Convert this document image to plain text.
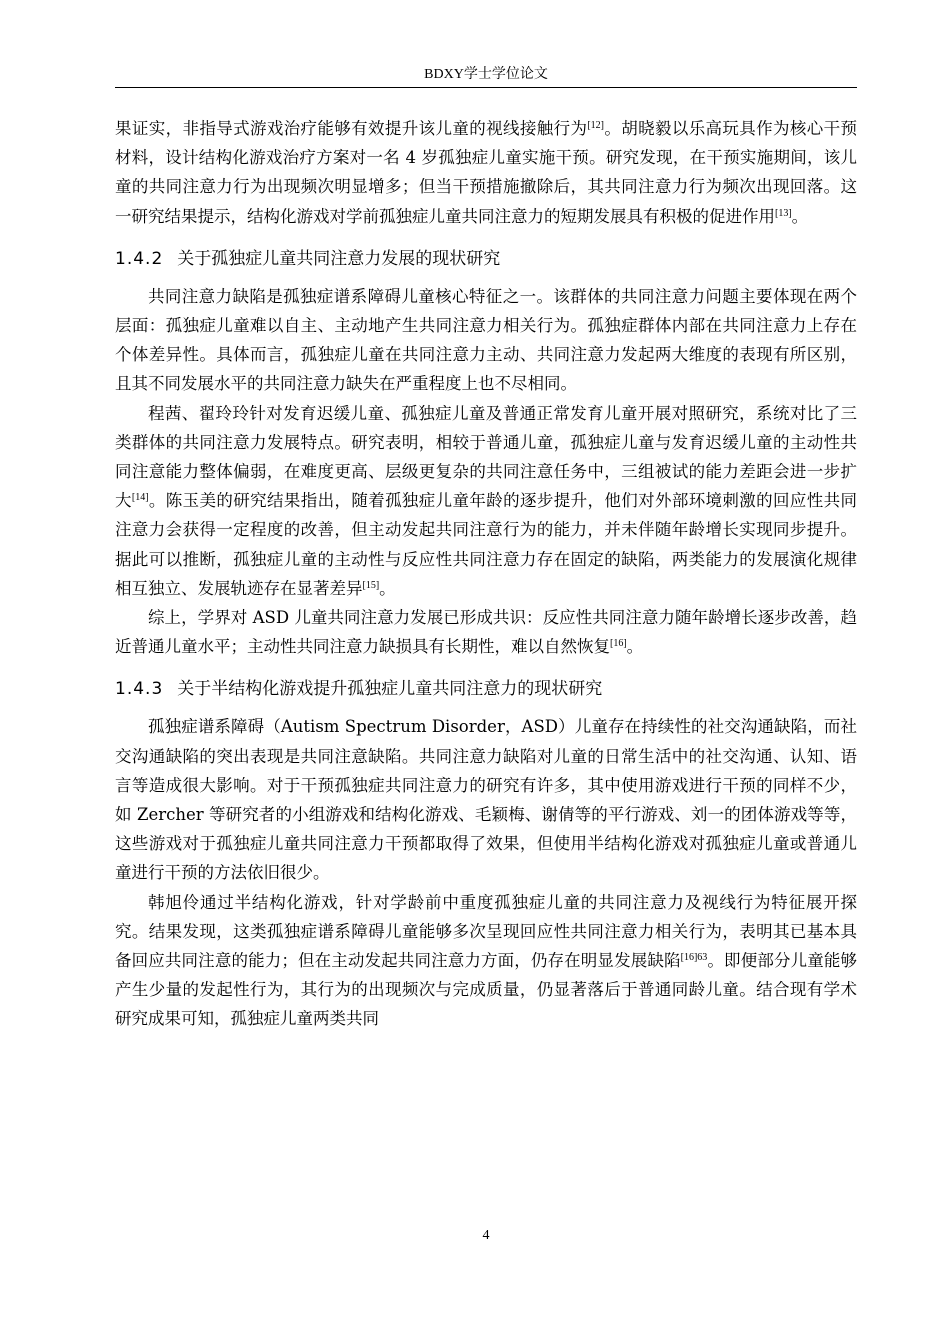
BDXY学士学位论文

果证实，非指导式游戏治疗能够有效提升该儿童的视线接触行为[12]。胡晓毅以乐高玩具作为核心干预材料，设计结构化游戏治疗方案对一名 4 岁孤独症儿童实施干预。研究发现，在干预实施期间，该儿童的共同注意力行为出现频次明显增多；但当干预措施撤除后，其共同注意力行为频次出现回落。这一研究结果提示，结构化游戏对学前孤独症儿童共同注意力的短期发展具有积极的促进作用[13]。

1.4.2 关于孤独症儿童共同注意力发展的现状研究

共同注意力缺陷是孤独症谱系障碍儿童核心特征之一。该群体的共同注意力问题主要体现在两个层面：孤独症儿童难以自主、主动地产生共同注意力相关行为。孤独症群体内部在共同注意力上存在个体差异性。具体而言，孤独症儿童在共同注意力主动、共同注意力发起两大维度的表现有所区别，且其不同发展水平的共同注意力缺失在严重程度上也不尽相同。

程茜、翟玲玲针对发育迟缓儿童、孤独症儿童及普通正常发育儿童开展对照研究，系统对比了三类群体的共同注意力发展特点。研究表明，相较于普通儿童，孤独症儿童与发育迟缓儿童的主动性共同注意能力整体偏弱，在难度更高、层级更复杂的共同注意任务中，三组被试的能力差距会进一步扩大[14]。陈玉美的研究结果指出，随着孤独症儿童年龄的逐步提升，他们对外部环境刺激的回应性共同注意力会获得一定程度的改善，但主动发起共同注意行为的能力，并未伴随年龄增长实现同步提升。据此可以推断，孤独症儿童的主动性与反应性共同注意力存在固定的缺陷，两类能力的发展演化规律相互独立、发展轨迹存在显著差异[15]。

综上，学界对 ASD 儿童共同注意力发展已形成共识：反应性共同注意力随年龄增长逐步改善，趋近普通儿童水平；主动性共同注意力缺损具有长期性，难以自然恢复[16]。

1.4.3 关于半结构化游戏提升孤独症儿童共同注意力的现状研究

孤独症谱系障碍（Autism Spectrum Disorder，ASD）儿童存在持续性的社交沟通缺陷，而社交沟通缺陷的突出表现是共同注意缺陷。共同注意力缺陷对儿童的日常生活中的社交沟通、认知、语言等造成很大影响。对于干预孤独症共同注意力的研究有许多，其中使用游戏进行干预的同样不少，如 Zercher 等研究者的小组游戏和结构化游戏、毛颖梅、谢倩等的平行游戏、刘一的团体游戏等等，这些游戏对于孤独症儿童共同注意力干预都取得了效果，但使用半结构化游戏对孤独症儿童或普通儿童进行干预的方法依旧很少。

韩旭伶通过半结构化游戏，针对学龄前中重度孤独症儿童的共同注意力及视线行为特征展开探究。结果发现，这类孤独症谱系障碍儿童能够多次呈现回应性共同注意力相关行为，表明其已基本具备回应共同注意的能力；但在主动发起共同注意力方面，仍存在明显发展缺陷$^{[16]63}$。即便部分儿童能够产生少量的发起性行为，其行为的出现频次与完成质量，仍显著落后于普通同龄儿童。结合现有学术研究成果可知，孤独症儿童两类共同

4
